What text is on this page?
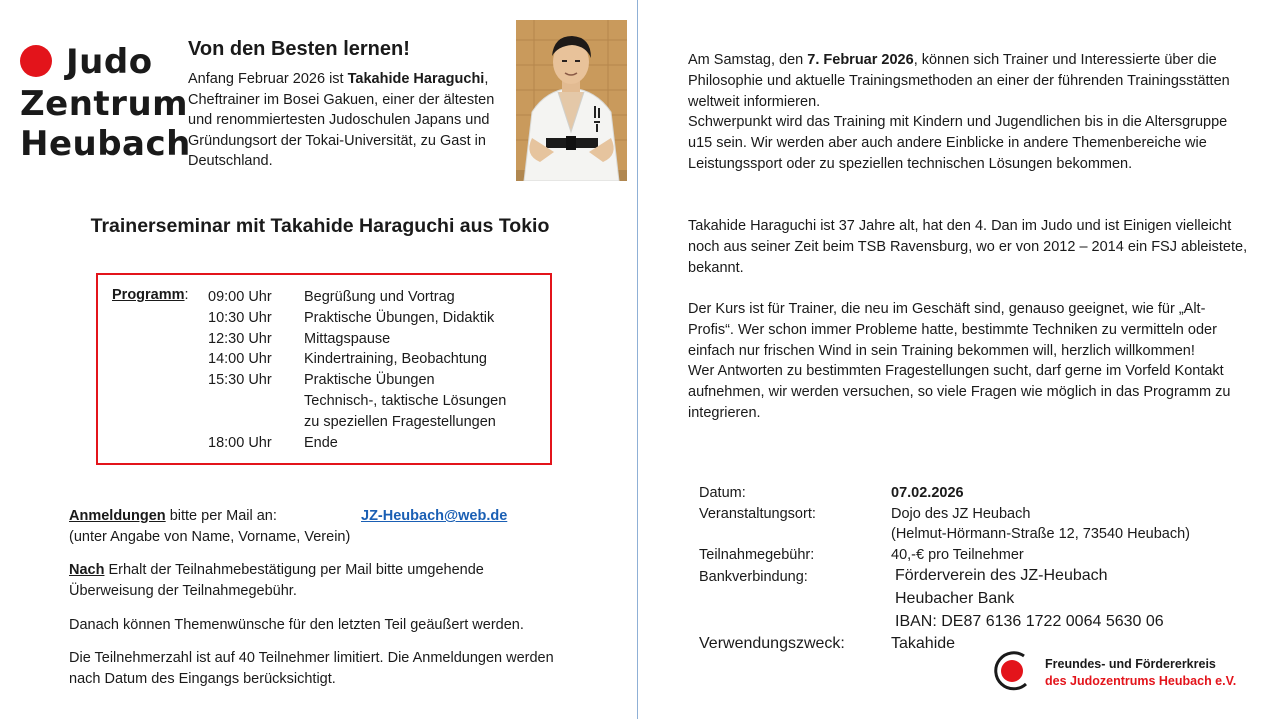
Judo
Zentrum
Heubach
Von den Besten lernen!

Anfang Februar 2026 ist Takahide Haraguchi, Cheftrainer im Bosei Gakuen, einer der ältesten und renommiertesten Judoschulen Japans und Gründungsort der Tokai-Universität, zu Gast in Deutschland.

Trainerseminar mit Takahide Haraguchi aus Tokio
Programm: 09:00 Uhr	Begrüßung und Vortrag
10:30 Uhr	Praktische Übungen, Didaktik
12:30 Uhr	Mittagspause
14:00 Uhr	Kindertraining, Beobachtung
15:30 Uhr	Praktische Übungen
Technisch-, taktische Lösungen
zu speziellen Fragestellungen
18:00 Uhr	Ende

Anmeldungen bitte per Mail an:

(unter Angabe von Name, Vorname, Verein)

JZ-Heubach@web.de

Nach Erhalt der Teilnahmebestätigung per Mail bitte umgehende Überweisung der Teilnahmegebühr.

Danach können Themenwünsche für den letzten Teil geäußert werden.
Die Teilnehmerzahl ist auf 40 Teilnehmer limitiert. Die Anmeldungen werden nach Datum des Eingangs berücksichtigt.

Am Samstag, den 7. Februar 2026, können sich Trainer und Interessierte über die Philosophie und aktuelle Trainingsmethoden an einer der führenden Trainingsstätten weltweit informieren.

Schwerpunkt wird das Training mit Kindern und Jugendlichen bis in die Altersgruppe u15 sein. Wir werden aber auch andere Einblicke in andere Themenbereiche wie Leistungssport oder zu speziellen technischen Lösungen bekommen.

Takahide Haraguchi ist 37 Jahre alt, hat den 4. Dan im Judo und ist Einigen vielleicht noch aus seiner Zeit beim TSB Ravensburg, wo er von 2012 – 2014 ein FSJ ableistete, bekannt.

Der Kurs ist für Trainer, die neu im Geschäft sind, genauso geeignet, wie für „Alt-Profis“. Wer schon immer Probleme hatte, bestimmte Techniken zu vermitteln oder einfach nur frischen Wind in sein Training bekommen will, herzlich willkommen!

Wer Antworten zu bestimmten Fragestellungen sucht, darf gerne im Vorfeld Kontakt aufnehmen, wir werden versuchen, so viele Fragen wie möglich in das Programm zu integrieren.

Datum:	07.02.2026
Veranstaltungsort:	Dojo des JZ Heubach
(Helmut-Hörmann-Straße 12, 73540 Heubach)
Teilnahmegebühr:	40,-€ pro Teilnehmer
Bankverbindung:	Förderverein des JZ-Heubach
Heubacher Bank
IBAN: DE87 6136 1722 0064 5630 06
Verwendungszweck:	Takahide
Freundes- und Fördererkreis
des Judozentrums Heubach e.V.
